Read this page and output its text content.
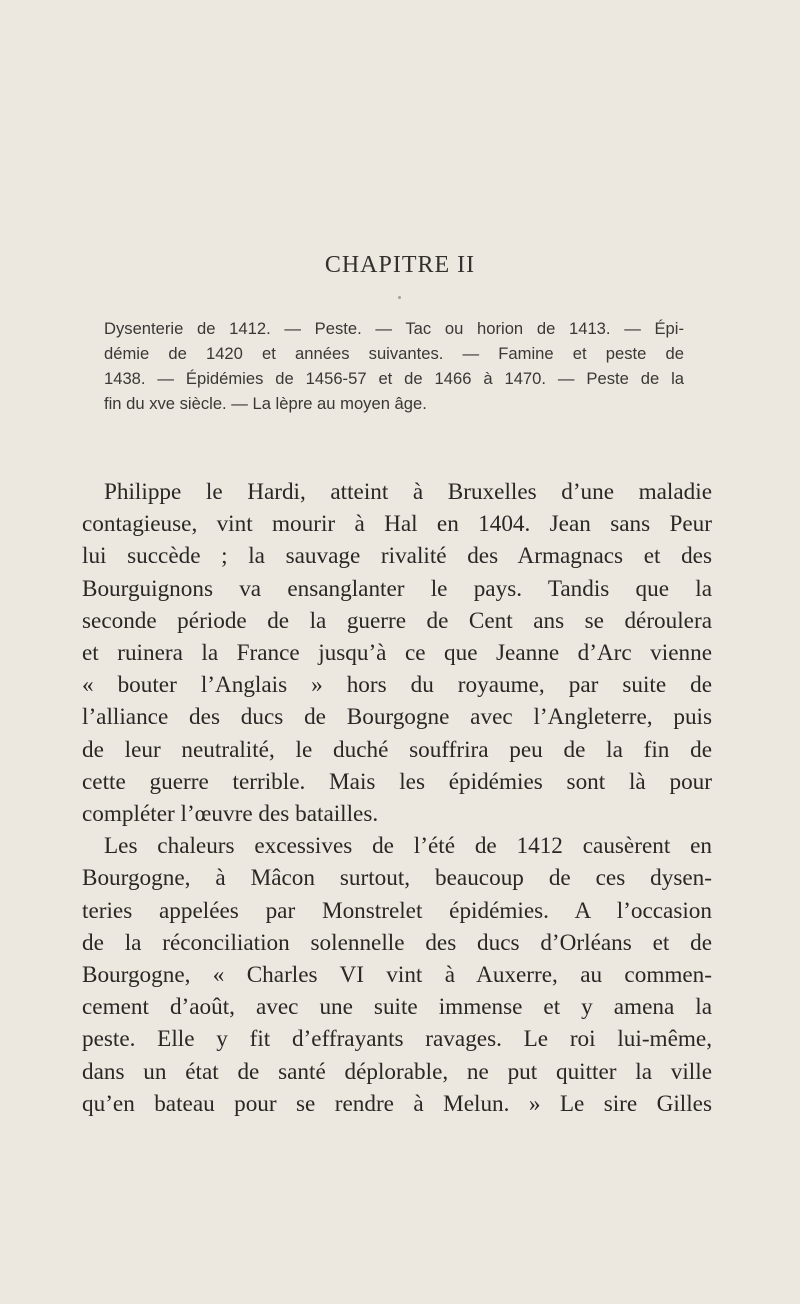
CHAPITRE II
Dysenterie de 1412. — Peste. — Tac ou horion de 1413. — Épi-
démie de 1420 et années suivantes. — Famine et peste de
1438. — Épidémies de 1456-57 et de 1466 à 1470. — Peste de la
fin du xve siècle. — La lèpre au moyen âge.
Philippe le Hardi, atteint à Bruxelles d’une maladie
contagieuse, vint mourir à Hal en 1404. Jean sans Peur
lui succède ; la sauvage rivalité des Armagnacs et des
Bourguignons va ensanglanter le pays. Tandis que la
seconde période de la guerre de Cent ans se déroulera
et ruinera la France jusqu’à ce que Jeanne d’Arc vienne
« bouter l’Anglais » hors du royaume, par suite de
l’alliance des ducs de Bourgogne avec l’Angleterre, puis
de leur neutralité, le duché souffrira peu de la fin de
cette guerre terrible. Mais les épidémies sont là pour
compléter l’œuvre des batailles.
Les chaleurs excessives de l’été de 1412 causèrent en
Bourgogne, à Mâcon surtout, beaucoup de ces dysen-
teries appelées par Monstrelet épidémies. A l’occasion
de la réconciliation solennelle des ducs d’Orléans et de
Bourgogne, « Charles VI vint à Auxerre, au commen-
cement d’août, avec une suite immense et y amena la
peste. Elle y fit d’effrayants ravages. Le roi lui-même,
dans un état de santé déplorable, ne put quitter la ville
qu’en bateau pour se rendre à Melun. » Le sire Gilles
